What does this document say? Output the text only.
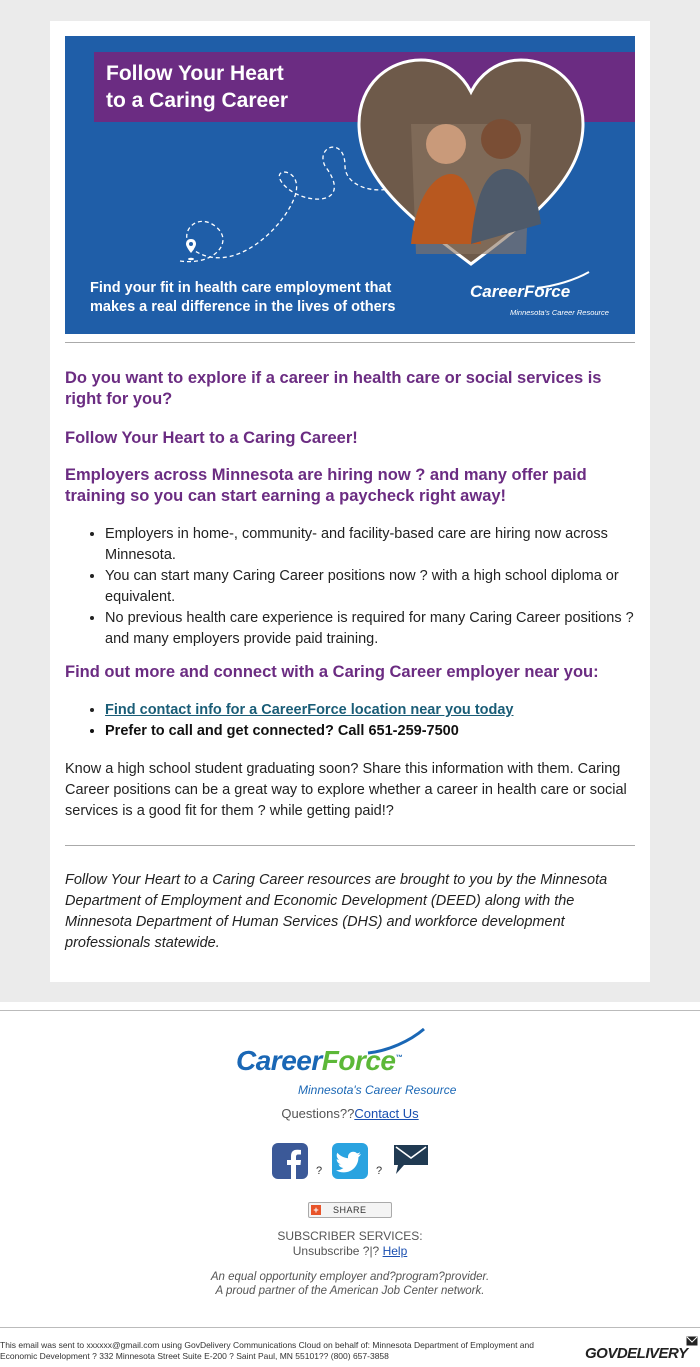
Follow Your Heart
to a Caring Career
Find your fit in health care employment that
makes a real difference in the lives of others
CareerForce
Minnesota's Career Resource

Do you want to explore if a career in health care or social services is right for you?

Follow Your Heart to a Caring Career!

Employers across Minnesota are hiring now ? and many offer paid training so you can start earning a paycheck right away!

• Employers in home-, community- and facility-based care are hiring now across Minnesota.
• You can start many Caring Career positions now ? with a high school diploma or equivalent.
• No previous health care experience is required for many Caring Career positions ? and many employers provide paid training.

Find out more and connect with a Caring Career employer near you:

• Find contact info for a CareerForce location near you today
• Prefer to call and get connected? Call 651-259-7500

Know a high school student graduating soon? Share this information with them. Caring Career positions can be a great way to explore whether a career in health care or social services is a good fit for them ? while getting paid!?

Follow Your Heart to a Caring Career resources are brought to you by the Minnesota Department of Employment and Economic Development (DEED) along with the Minnesota Department of Human Services (DHS) and workforce development professionals statewide.

CareerForce™
Minnesota's Career Resource
Questions??Contact Us
?	?
+ SHARE
SUBSCRIBER SERVICES:
Unsubscribe ?|? Help
An equal opportunity employer and?program?provider.
A proud partner of the American Job Center network.
This email was sent to xxxxxx@gmail.com using GovDelivery Communications Cloud on behalf of: Minnesota Department of Employment and Economic Development ? 332 Minnesota Street Suite E-200 ? Saint Paul, MN 55101?? (800) 657-3858	GOVDELIVERY
